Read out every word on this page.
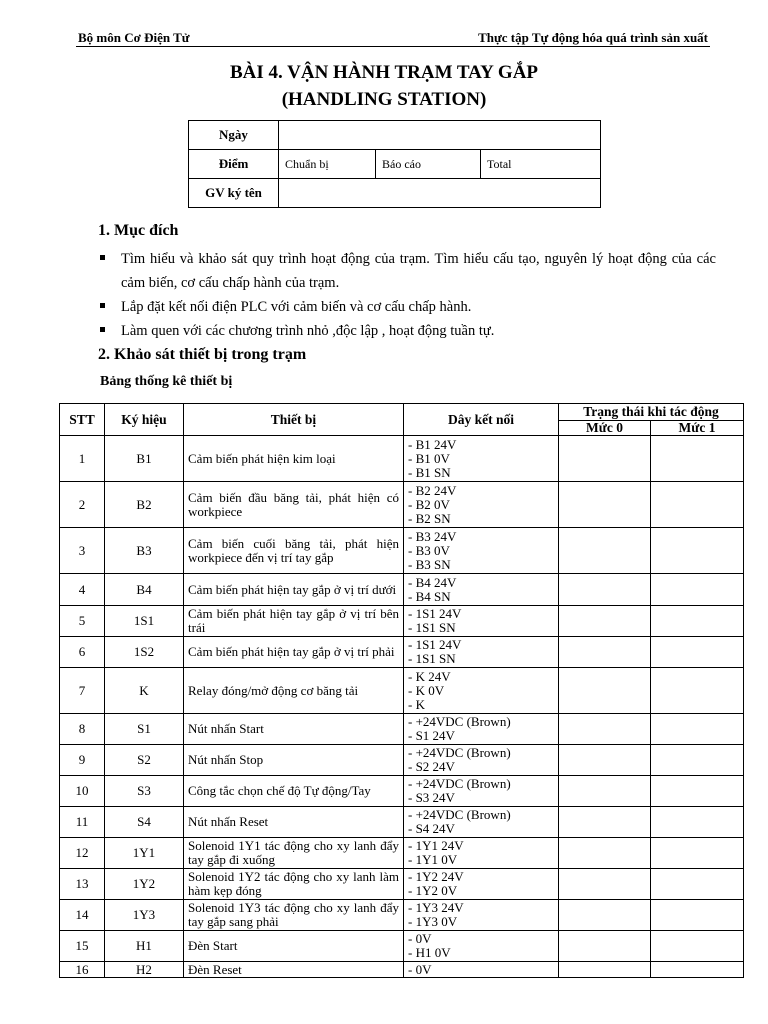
Bộ môn Cơ Điện Tử	Thực tập Tự động hóa quá trình sản xuất
BÀI 4. VẬN HÀNH TRẠM TAY GẮP
(HANDLING STATION)
Ngày			
Điểm	Chuẩn bị	Báo cáo	Total
GV ký tên			
1. Mục đích
Tìm hiểu và khảo sát quy trình hoạt động của trạm. Tìm hiểu cấu tạo, nguyên lý hoạt động của các cảm biến, cơ cấu chấp hành của trạm.
Lắp đặt kết nối điện PLC với cảm biến và cơ cấu chấp hành.
Làm quen với các chương trình nhỏ ,độc lập , hoạt động tuần tự.
2. Khảo sát thiết bị trong trạm
Bảng thống kê thiết bị
STT	Ký hiệu	Thiết bị	Dây kết nối	Trạng thái khi tác động	
				Mức 0	Mức 1
1	B1	Cảm biến phát hiện kim loại	- B1 24V
- B1 0V
- B1 SN		
2	B2	Cảm biến đầu băng tải, phát hiện có workpiece	- B2 24V
- B2 0V
- B2 SN		
3	B3	Cảm biến cuối băng tải, phát hiện workpiece đến vị trí tay gắp	- B3 24V
- B3 0V
- B3 SN		
4	B4	Cảm biến phát hiện tay gắp ở vị trí dưới	- B4 24V
- B4 SN		
5	1S1	Cảm biến phát hiện tay gắp ở vị trí bên trái	- 1S1 24V
- 1S1 SN		
6	1S2	Cảm biến phát hiện tay gắp ở vị trí phải	- 1S1 24V
- 1S1 SN		
7	K	Relay đóng/mở động cơ băng tải	- K 24V
- K 0V
- K		
8	S1	Nút nhấn Start	- +24VDC (Brown)
- S1 24V		
9	S2	Nút nhấn Stop	- +24VDC (Brown)
- S2 24V		
10	S3	Công tắc chọn chế độ Tự động/Tay	- +24VDC (Brown)
- S3 24V		
11	S4	Nút nhấn Reset	- +24VDC (Brown)
- S4 24V		
12	1Y1	Solenoid 1Y1 tác động cho xy lanh đẩy tay gắp đi xuống	- 1Y1 24V
- 1Y1 0V		
13	1Y2	Solenoid 1Y2 tác động cho xy lanh làm hàm kẹp đóng	- 1Y2 24V
- 1Y2 0V		
14	1Y3	Solenoid 1Y3 tác động cho xy lanh đẩy tay gắp sang phải	- 1Y3 24V
- 1Y3 0V		
15	H1	Đèn Start	- 0V
- H1 0V		
16	H2	Đèn Reset	- 0V		
